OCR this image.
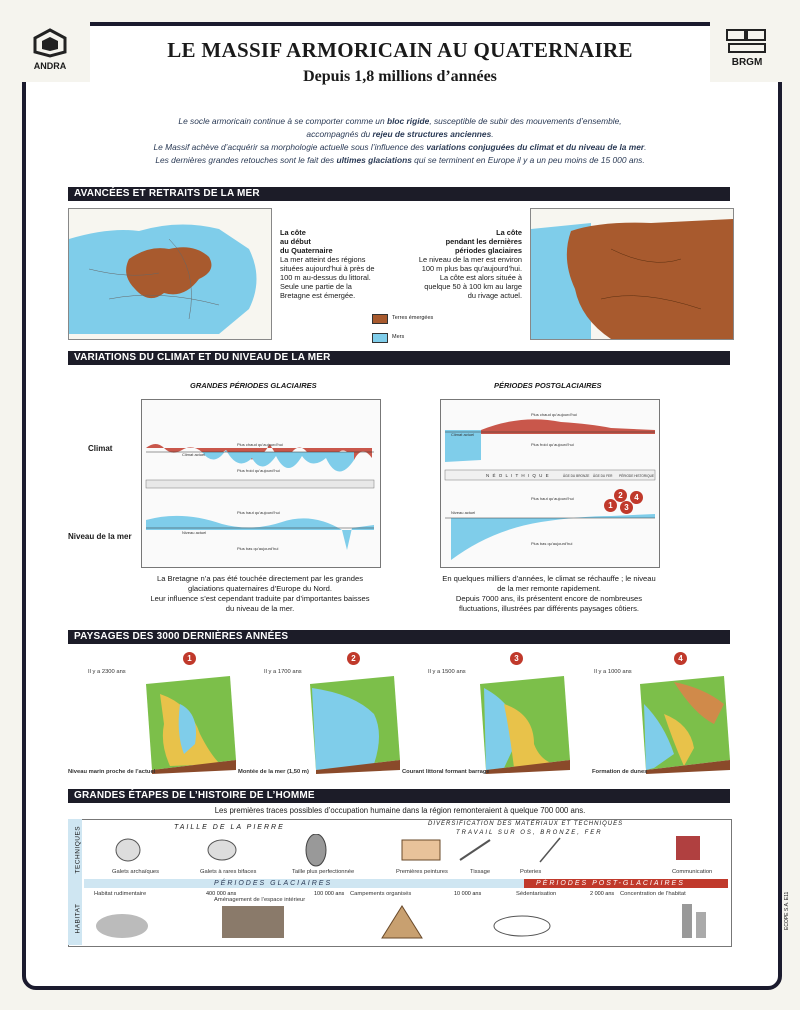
ANDRA	BRGM
LE MASSIF ARMORICAIN AU QUATERNAIRE
Depuis 1,8 millions d’années
Le socle armoricain continue à se comporter comme un bloc rigide, susceptible de subir des mouvements d’ensemble,
accompagnés du rejeu de structures anciennes.
Le Massif achève d’acquérir sa morphologie actuelle sous l’influence des variations conjuguées du climat et du niveau de la mer.
Les dernières grandes retouches sont le fait des ultimes glaciations qui se terminent en Europe il y a un peu moins de 15 000 ans.
AVANCÉES ET RETRAITS DE LA MER
La côte
au début
du Quaternaire
La mer atteint des régions situées aujourd’hui à près de 100 m au-dessus du littoral.
Seule une partie de la Bretagne est émergée.
La côte
pendant les dernières
périodes glaciaires
Le niveau de la mer est environ 100 m plus bas qu’aujourd’hui.
La côte est alors située à quelque 50 à 100 km au large du rivage actuel.
Terres émergées
Mers
VARIATIONS DU CLIMAT ET DU NIVEAU DE LA MER
GRANDES PÉRIODES GLACIAIRES	PÉRIODES POSTGLACIAIRES
Climat
Niveau de la mer
Plus chaud qu’aujourd’hui
Climat actuel
Plus froid qu’aujourd’hui
Plus haut qu’aujourd’hui
Niveau actuel
Plus bas qu’aujourd’hui
N É O L I T H I Q U E	ÂGE DU BRONZE ÂGE DU FER PÉRIODE HISTORIQUE
Plus chaud qu’aujourd’hui
Climat actuel
Plus froid qu’aujourd’hui
Plus haut qu’aujourd’hui
Niveau actuel
Plus bas qu’aujourd’hui
1
2
3
4
La Bretagne n’a pas été touchée directement par les grandes glaciations quaternaires d’Europe du Nord.
Leur influence s’est cependant traduite par d’importantes baisses du niveau de la mer.
En quelques milliers d’années, le climat se réchauffe ; le niveau de la mer remonte rapidement.
Depuis 7000 ans, ils présentent encore de nombreuses fluctuations, illustrées par différents paysages côtiers.
PAYSAGES DES 3000 DERNIÈRES ANNÉES
1	2	3	4
Il y a 2300 ans	Il y a 1700 ans	Il y a 1500 ans	Il y a 1000 ans
Niveau marin proche de l’actuel	Montée de la mer (1,50 m)	Courant littoral formant barrage	Formation de dunes
GRANDES ÉTAPES DE L’HISTOIRE DE L’HOMME
Les premières traces possibles d’occupation humaine dans la région remonteraient à quelque 700 000 ans.
TECHNIQUES
HABITAT
TAILLE DE LA PIERRE	DIVERSIFICATION DES MATÉRIAUX ET TECHNIQUES
TRAVAIL SUR OS, BRONZE, FER
Galets archaïques	Galets à rares bifaces	Taille plus perfectionnée	Premières peintures	Tissage	Poteries	Communication
PÉRIODES GLACIAIRES	PÉRIODES POST-GLACIAIRES
400 000 ans	100 000 ans	10 000 ans	2 000 ans
Habitat rudimentaire
Aménagement de l’espace intérieur
Campements organisés	Sédentarisation	Concentration de l’habitat	ECOPE S.A. E11
